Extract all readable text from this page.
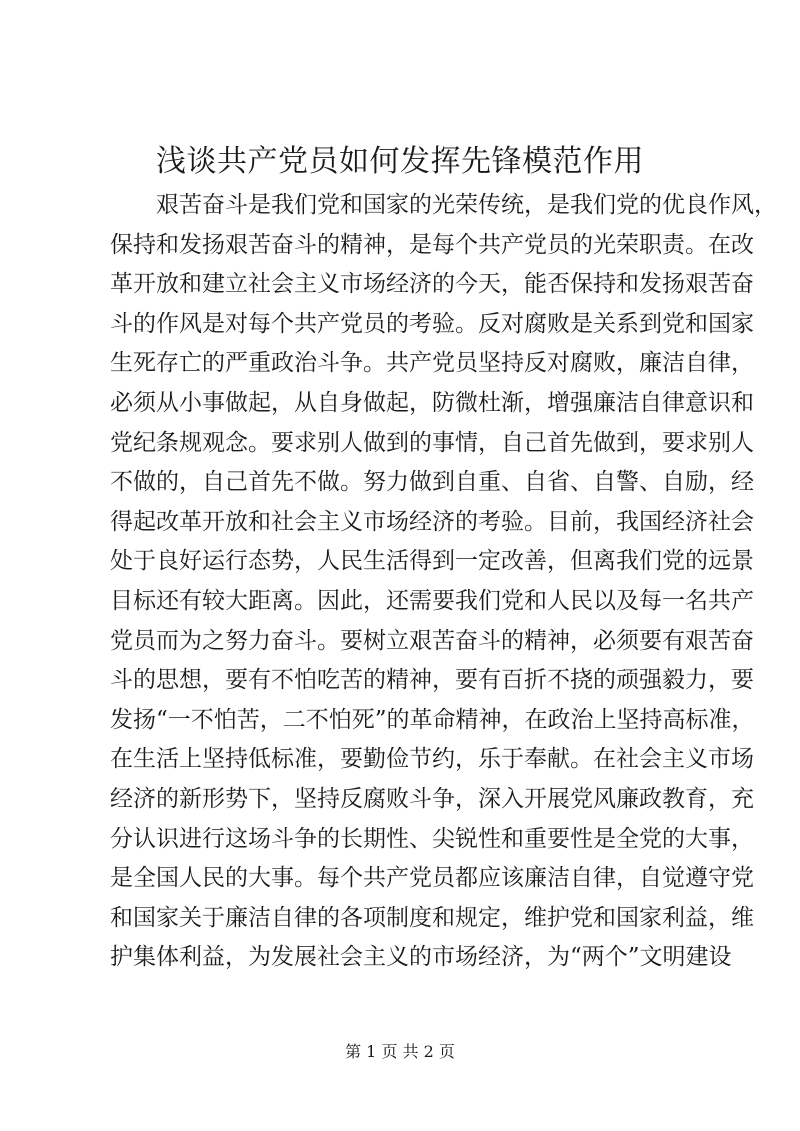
浅谈共产党员如何发挥先锋模范作用
艰苦奋斗是我们党和国家的光荣传统，是我们党的优良作风，
保持和发扬艰苦奋斗的精神，是每个共产党员的光荣职责。在改
革开放和建立社会主义市场经济的今天，能否保持和发扬艰苦奋
斗的作风是对每个共产党员的考验。反对腐败是关系到党和国家
生死存亡的严重政治斗争。共产党员坚持反对腐败，廉洁自律，
必须从小事做起，从自身做起，防微杜渐，增强廉洁自律意识和
党纪条规观念。要求别人做到的事情，自己首先做到，要求别人
不做的，自己首先不做。努力做到自重、自省、自警、自励，经
得起改革开放和社会主义市场经济的考验。目前，我国经济社会
处于良好运行态势，人民生活得到一定改善，但离我们党的远景
目标还有较大距离。因此，还需要我们党和人民以及每一名共产
党员而为之努力奋斗。要树立艰苦奋斗的精神，必须要有艰苦奋
斗的思想，要有不怕吃苦的精神，要有百折不挠的顽强毅力，要
发扬“一不怕苦，二不怕死”的革命精神，在政治上坚持高标准，
在生活上坚持低标准，要勤俭节约，乐于奉献。在社会主义市场
经济的新形势下，坚持反腐败斗争，深入开展党风廉政教育，充
分认识进行这场斗争的长期性、尖锐性和重要性是全党的大事，
是全国人民的大事。每个共产党员都应该廉洁自律，自觉遵守党
和国家关于廉洁自律的各项制度和规定，维护党和国家利益，维
护集体利益，为发展社会主义的市场经济，为“两个”文明建设
第 1 页 共 2 页
